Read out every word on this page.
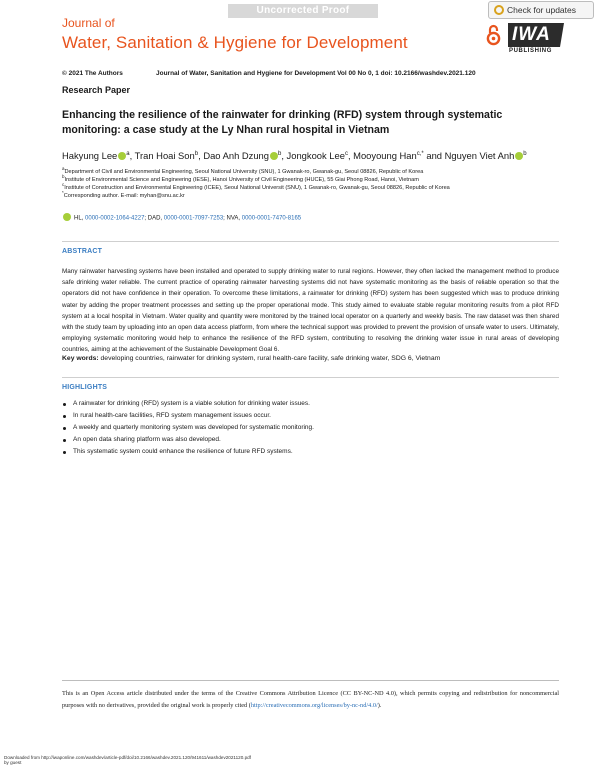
Uncorrected Proof
Journal of
Water, Sanitation & Hygiene for Development
Check for updates
IWA
PUBLISHING
© 2021 The Authors	Journal of Water, Sanitation and Hygiene for Development Vol 00 No 0, 1 doi: 10.2166/washdev.2021.120
Research Paper
Enhancing the resilience of the rainwater for drinking (RFD) system through systematic monitoring: a case study at the Ly Nhan rural hospital in Vietnam
Hakyung Lee $^a$, Tran Hoai Son$^b$, Dao Anh Dzung $^b$, Jongkook Lee$^c$, Mooyoung Han$^{c,*}$ and Nguyen Viet Anh $^b$
$^a$Department of Civil and Environmental Engineering, Seoul National University (SNU), 1 Gwanak-ro, Gwanak-gu, Seoul 08826, Republic of Korea
$^b$Institute of Environmental Science and Engineering (IESE), Hanoi University of Civil Engineering (HUCE), 55 Giai Phong Road, Hanoi, Vietnam
$^c$Institute of Construction and Environmental Engineering (ICEE), Seoul National Universit (SNU), 1 Gwanak-ro, Gwanak-gu, Seoul 08826, Republic of Korea
*Corresponding author. E-mail: myhan@snu.ac.kr
HL, 0000-0002-1064-4227; DAD, 0000-0001-7097-7253; NVA, 0000-0001-7470-8165
ABSTRACT
Many rainwater harvesting systems have been installed and operated to supply drinking water to rural regions. However, they often lacked the management method to produce safe drinking water reliable. The current practice of operating rainwater harvesting systems did not have systematic monitoring as the basis of reliable operation so that the operators did not have confidence in their operation. To overcome these limitations, a rainwater for drinking (RFD) system has been suggested which was to produce drinking water by adding the proper treatment processes and setting up the proper operational mode. This study aimed to evaluate stable regular monitoring results from a pilot RFD system at a local hospital in Vietnam. Water quality and quantity were monitored by the trained local operator on a quarterly and weekly basis. The raw dataset was then shared with the study team by uploading into an open data access platform, from where the technical support was provided to prevent the provision of unsafe water to users. Ultimately, employing systematic monitoring would help to enhance the resilience of the RFD system, contributing to resolving the drinking water issue in rural areas of developing countries, aiming at the achievement of the Sustainable Development Goal 6.
Key words: developing countries, rainwater for drinking system, rural health-care facility, safe drinking water, SDG 6, Vietnam
HIGHLIGHTS
A rainwater for drinking (RFD) system is a viable solution for drinking water issues.
In rural health-care facilities, RFD system management issues occur.
A weekly and quarterly monitoring system was developed for systematic monitoring.
An open data sharing platform was also developed.
This systematic system could enhance the resilience of future RFD systems.
This is an Open Access article distributed under the terms of the Creative Commons Attribution Licence (CC BY-NC-ND 4.0), which permits copying and redistribution for noncommercial purposes with no derivatives, provided the original work is properly cited (http://creativecommons.org/licenses/by-nc-nd/4.0/).
Downloaded from http://iwaponline.com/washdev/article-pdf/doi/10.2166/washdev.2021.120/941611/washdev2021120.pdf
by guest
